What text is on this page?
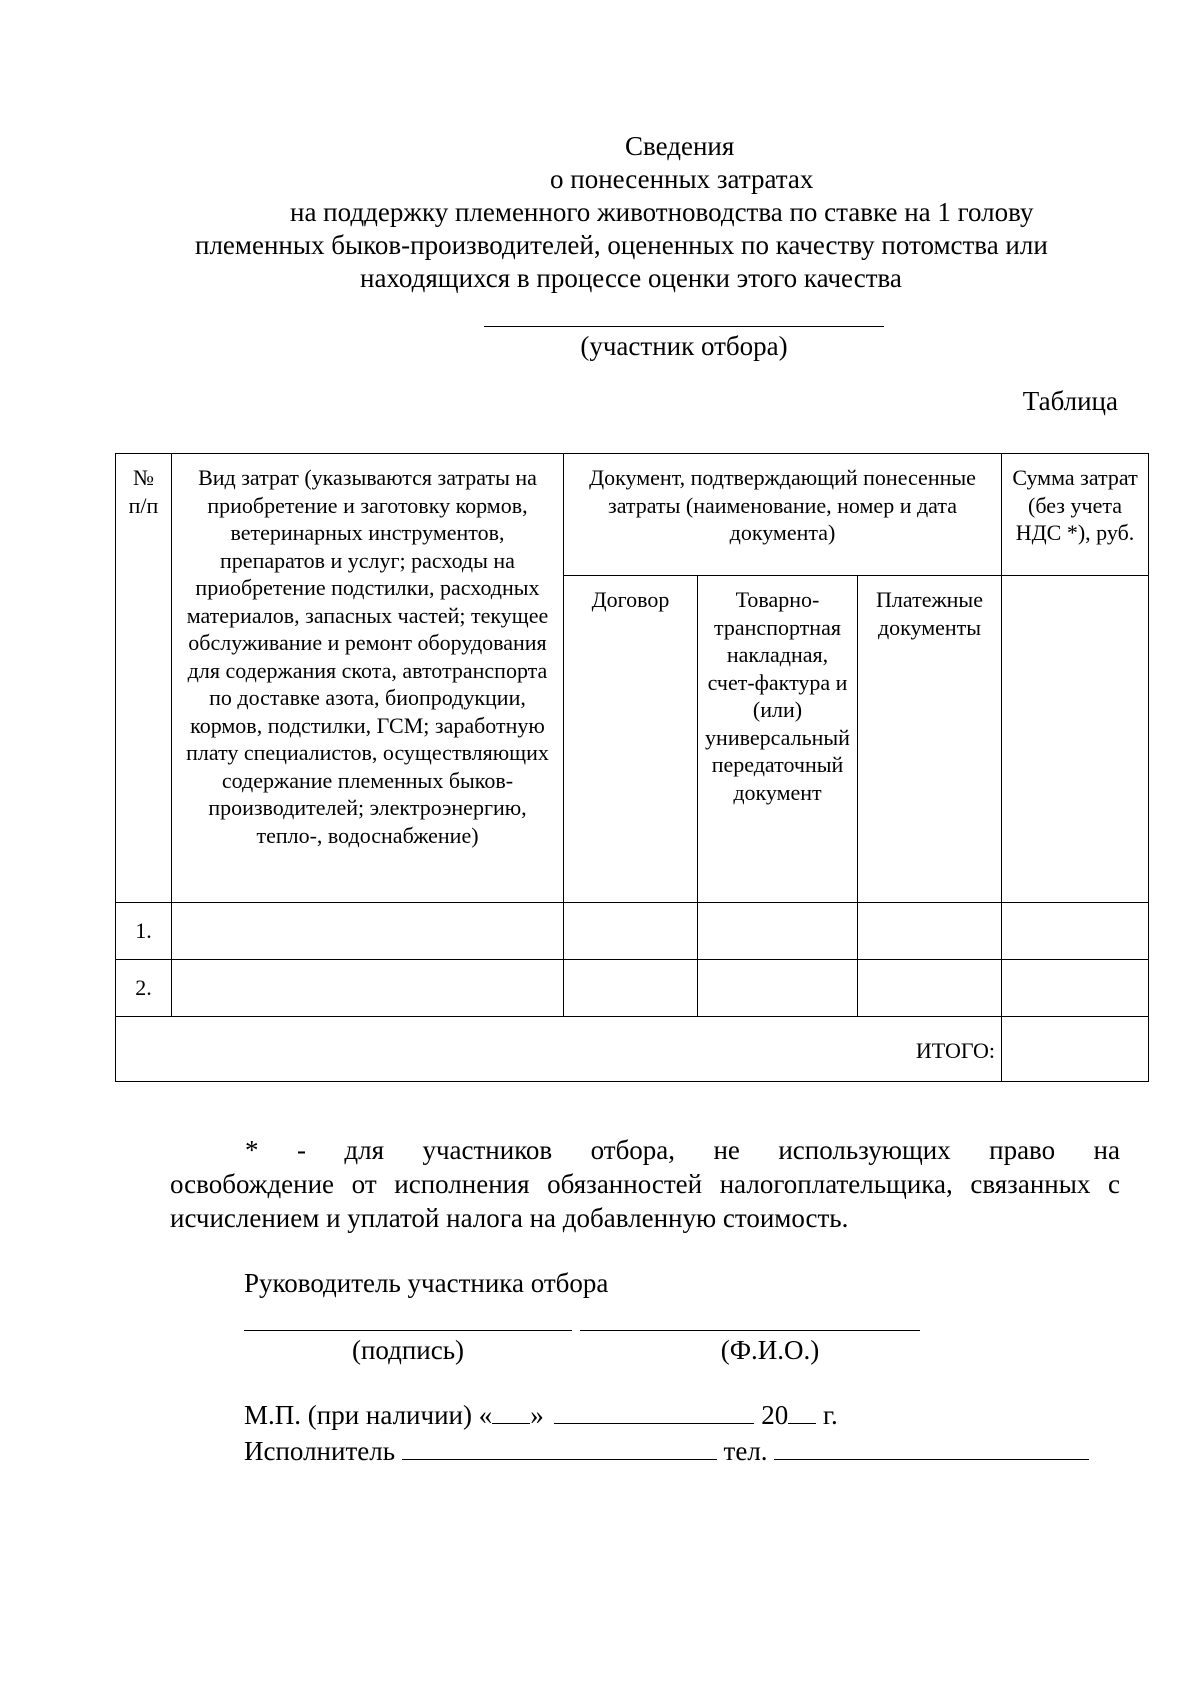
Сведения
о понесенных затратах
на поддержку племенного животноводства по ставке на 1 голову
племенных быков-производителей, оцененных по качеству потомства или
находящихся в процессе оценки этого качества
(участник отбора)
Таблица
№ п/п	Вид затрат (указываются затраты на приобретение и заготовку кормов, ветеринарных инструментов, препаратов и услуг; расходы на приобретение подстилки, расходных материалов, запасных частей; текущее обслуживание и ремонт оборудования для содержания скота, автотранспорта по доставке азота, биопродукции, кормов, подстилки, ГСМ; заработную плату специалистов, осуществляющих содержание племенных быков-производителей; электроэнергию, тепло-, водоснабжение)	Документ, подтверждающий понесенные затраты (наименование, номер и дата документа)			Сумма затрат (без учета НДС *), руб.
		Договор	Товарно-транспортная накладная, счет-фактура и (или) универсальный передаточный документ	Платежные документы	
1.					
2.					
ИТОГО:					
* - для участников отбора, не использующих право на
освобождение от исполнения обязанностей налогоплательщика, связанных с исчислением и уплатой налога на добавленную стоимость.
Руководитель участника отбора
(подпись)	(Ф.И.О.)
М.П. (при наличии) « »	20 г.
Исполнитель	тел.
